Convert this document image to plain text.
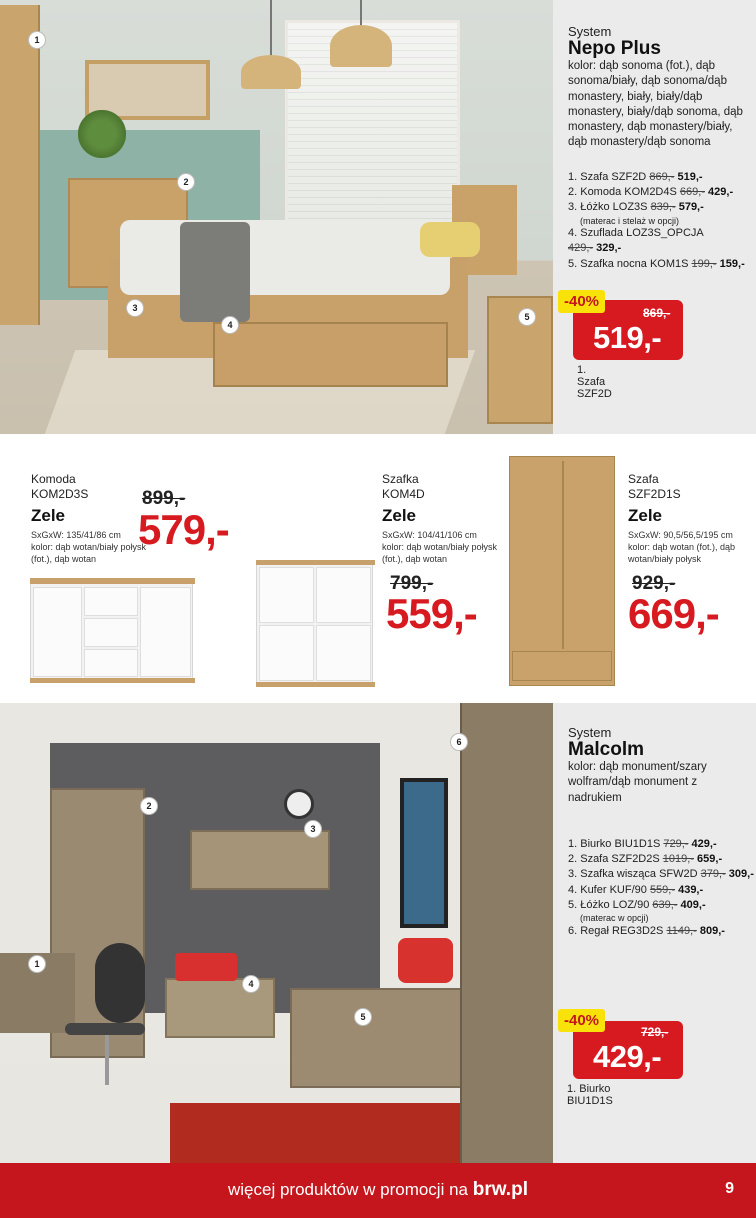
1
2
3
4
5
System
Nepo Plus
kolor: dąb sonoma (fot.), dąb sonoma/biały, dąb sonoma/dąb monastery, biały, biały/dąb monastery, biały/dąb sonoma, dąb monastery, dąb monastery/biały, dąb monastery/dąb sonoma
1. Szafa SZF2D 869,- 519,-
2. Komoda KOM2D4S 669,- 429,-
3. Łóżko LOZ3S 839,- 579,-
(materac i stelaż w opcji)
4. Szuflada LOZ3S_OPCJA
429,- 329,-
5. Szafka nocna KOM1S 199,- 159,-
519,-
-40%
869,-
1. Szafa SZF2D
Komoda
KOM2D3S
Zele
SxGxW: 135/41/86 cm
kolor: dąb wotan/biały połysk (fot.), dąb wotan
899,-
579,-
Szafka
KOM4D
Zele
SxGxW: 104/41/106 cm
kolor: dąb wotan/biały połysk (fot.), dąb wotan
799,-
559,-
Szafa
SZF2D1S
Zele
SxGxW: 90,5/56,5/195 cm
kolor: dąb wotan (fot.), dąb wotan/biały połysk
929,-
669,-
1
2
3
4
5
6
System
Malcolm
kolor: dąb monument/szary wolfram/dąb monument z nadrukiem
1. Biurko BIU1D1S 729,- 429,-
2. Szafa SZF2D2S 1019,- 659,-
3. Szafka wisząca SFW2D 379,- 309,-
4. Kufer KUF/90 559,- 439,-
5. Łóżko LOZ/90 639,- 409,-
(materac w opcji)
6. Regał REG3D2S 1149,- 809,-
429,-
-40%
729,-
1. Biurko BIU1D1S
więcej produktów w promocji na brw.pl	9
